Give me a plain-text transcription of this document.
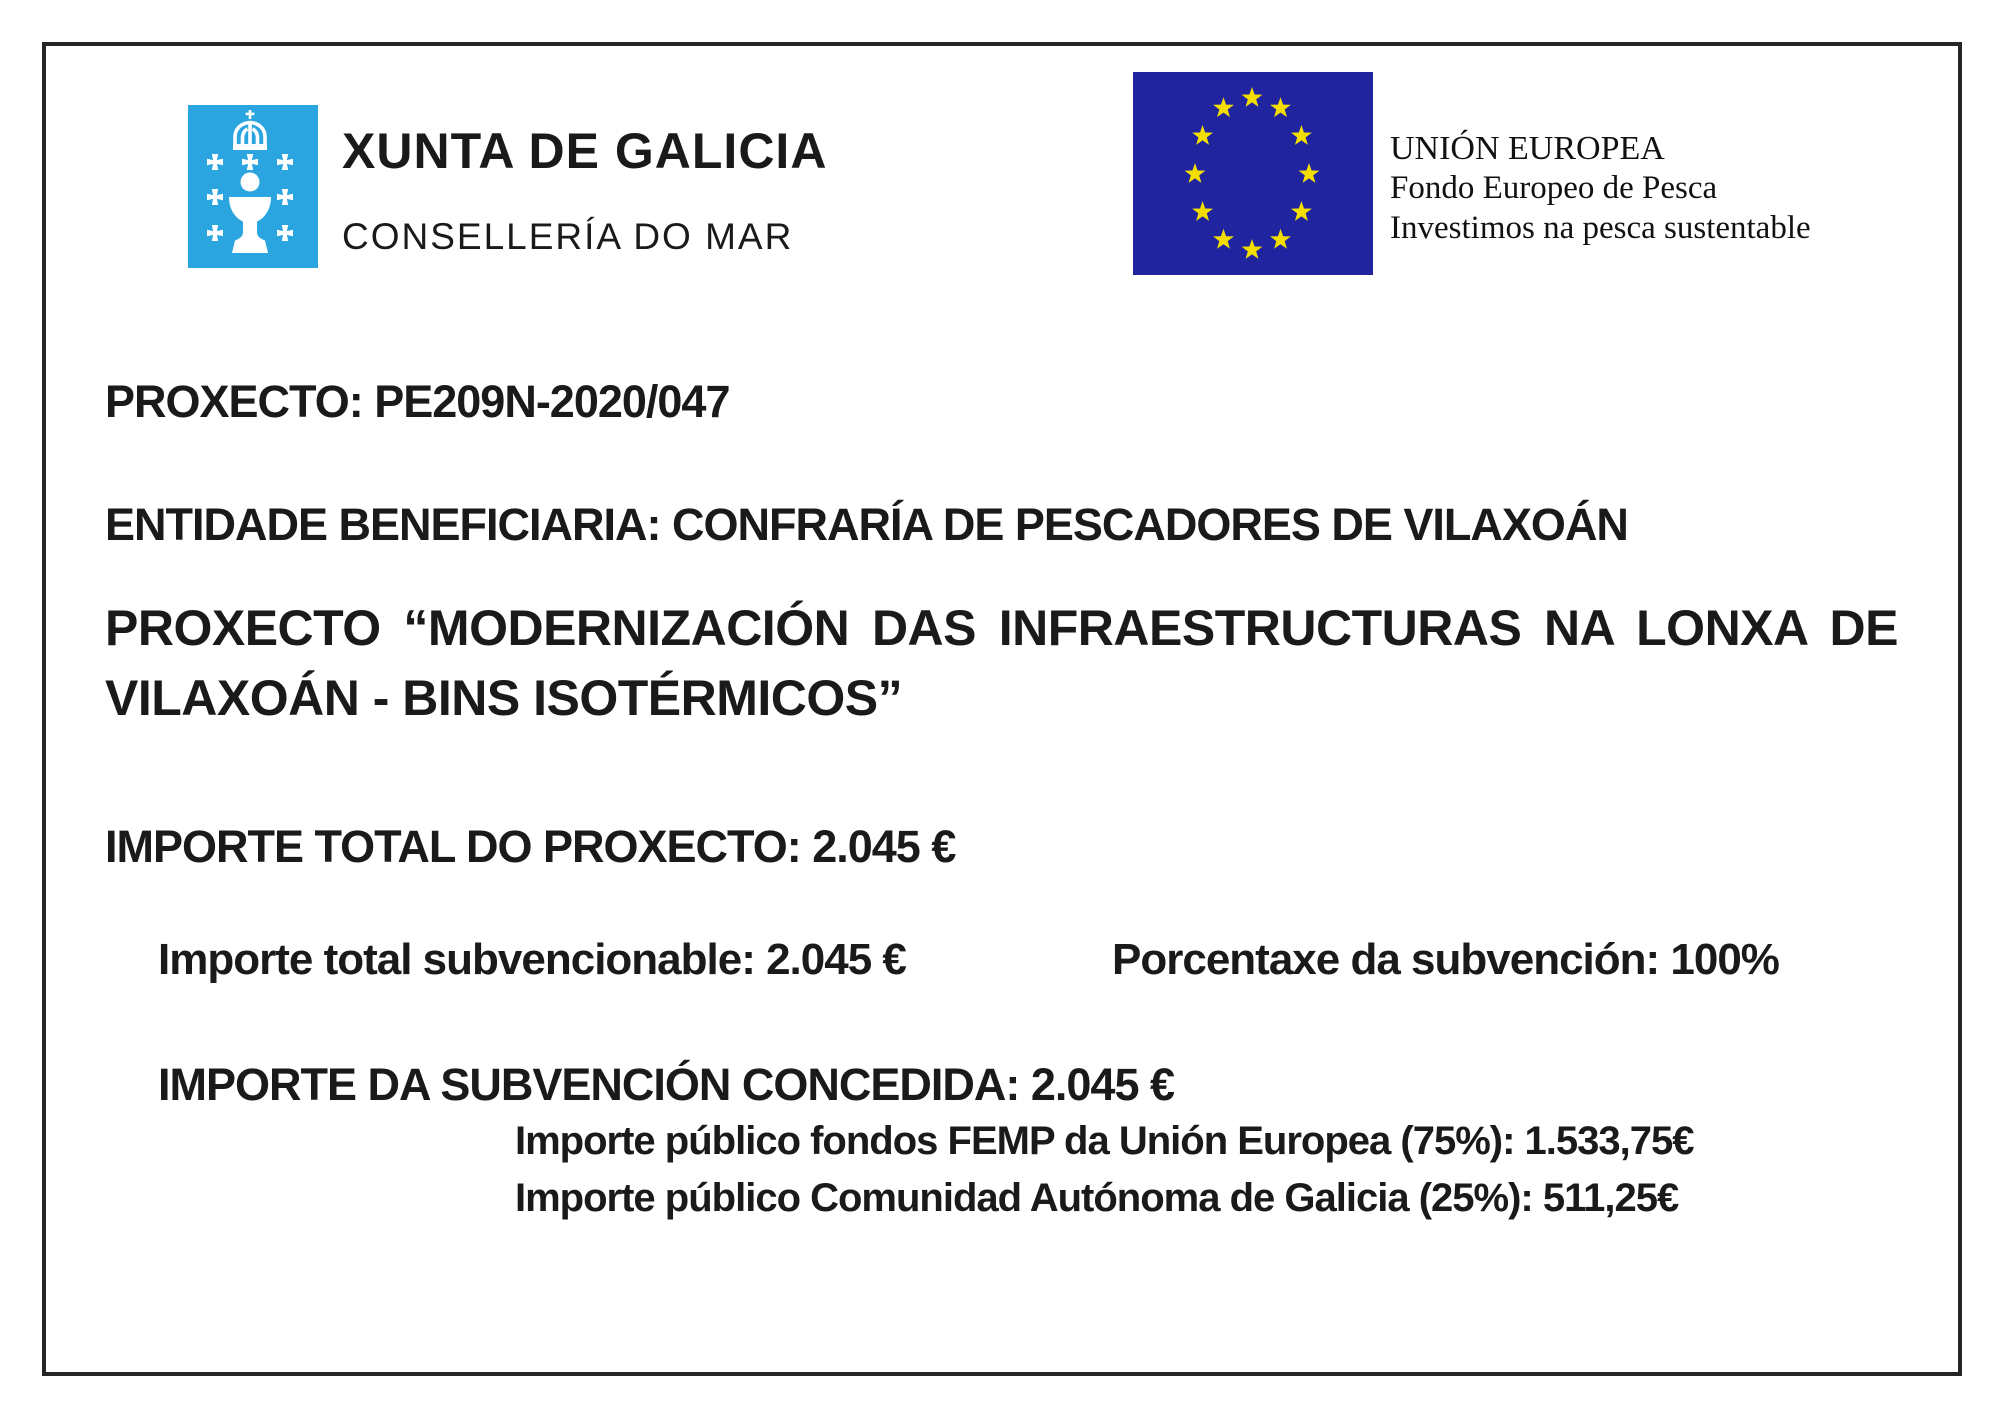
XUNTA DE GALICIA
CONSELLERÍA DO MAR
UNIÓN EUROPEA
Fondo Europeo de Pesca
Investimos na pesca sustentable
PROXECTO: PE209N-2020/047
ENTIDADE BENEFICIARIA: CONFRARÍA DE PESCADORES DE VILAXOÁN
PROXECTO “MODERNIZACIÓN DAS INFRAESTRUCTURAS NA LONXA DE
VILAXOÁN - BINS ISOTÉRMICOS”
IMPORTE TOTAL DO PROXECTO: 2.045 €
Importe total subvencionable: 2.045 €	Porcentaxe da subvención: 100%
IMPORTE DA SUBVENCIÓN CONCEDIDA: 2.045 €
Importe público fondos FEMP da Unión Europea (75%): 1.533,75€
Importe público Comunidad Autónoma de Galicia (25%): 511,25€
